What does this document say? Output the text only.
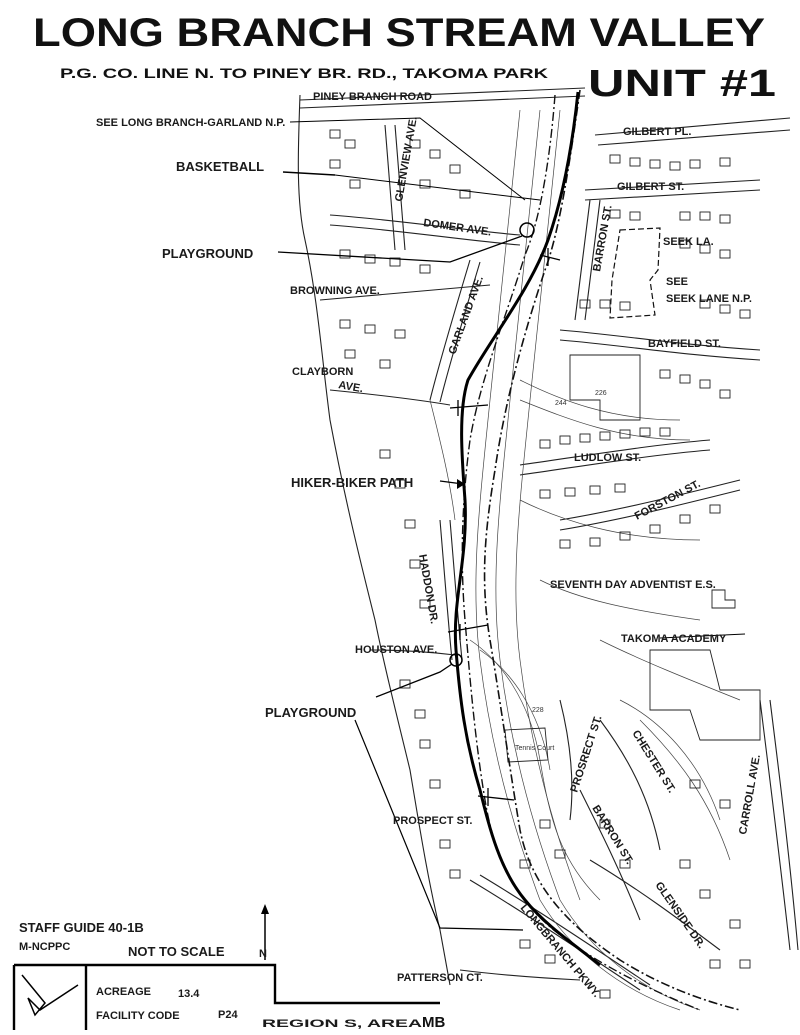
LONG BRANCH STREAM VALLEY
P.G. CO. LINE N. TO PINEY BR. RD., TAKOMA PARK UNIT #1
PINEY BRANCH ROAD
SEE LONG BRANCH-GARLAND N.P.
GILBERT PL.
GLENVIEW AVE.	GILBERT ST.
DOMER AVE.	BARRON ST.	SEEK LA.
SEE
SEEK LANE N.P.
BROWNING AVE.	GARLAND AVE.	BAYFIELD ST.
CLAYBORN
AVE.
LUDLOW ST.
FORSTON ST.
HADDON DR.	SEVENTH DAY ADVENTIST E.S.
TAKOMA ACADEMY
HOUSTON AVE.
PROSRECT ST. CHESTER ST.	CARROLL AVE.
BARRON ST.
PROSPECT ST.
GLENSIDE DR.
LONGBRANCH PKWY.
PATTERSON CT.
244
226
228
Tennis Court
BASKETBALL
PLAYGROUND
HIKER-BIKER PATH
PLAYGROUND
N
STAFF GUIDE 40-1B
M-NCPPC	NOT TO SCALE
ACREAGE 13.4
FACILITY CODE	P24
REGION S, AREA MB
